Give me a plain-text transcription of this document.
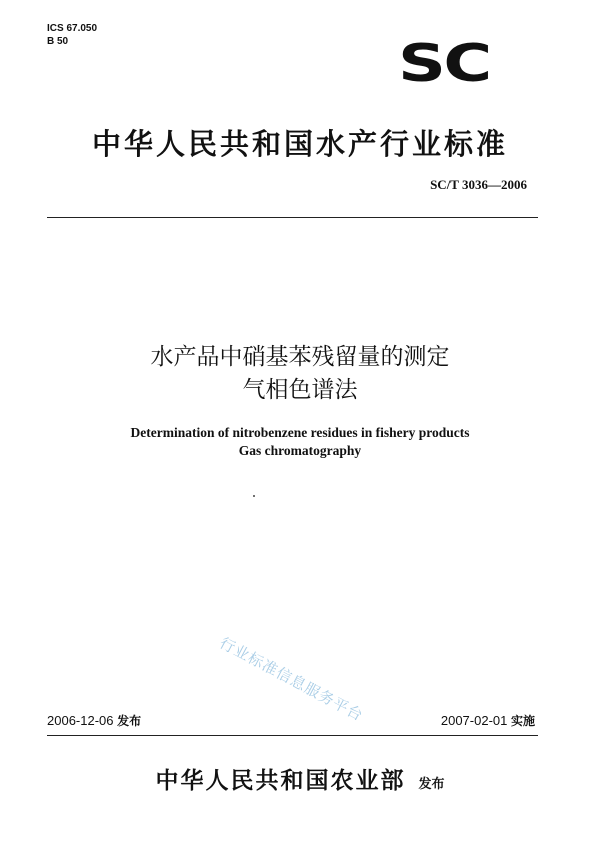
ICS 67.050
B 50	SC
中华人民共和国水产行业标准
SC/T 3036—2006
水产品中硝基苯残留量的测定
气相色谱法
Determination of nitrobenzene residues in fishery products
Gas chromatography
行业标准信息服务平台
2006-12-06 发布	2007-02-01 实施
中华人民共和国农业部 发布
